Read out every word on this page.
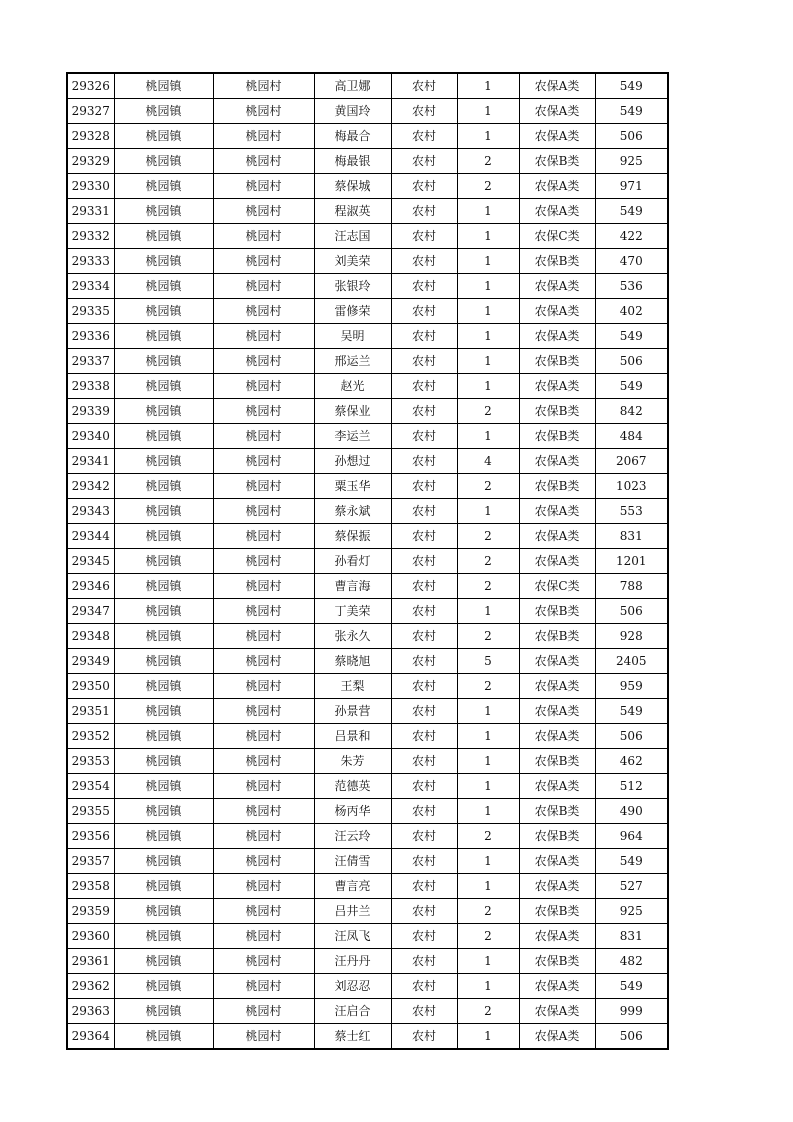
29326	桃园镇	桃园村	高卫娜	农村	1	农保A类	549
29327	桃园镇	桃园村	黄国玲	农村	1	农保A类	549
29328	桃园镇	桃园村	梅最合	农村	1	农保A类	506
29329	桃园镇	桃园村	梅最银	农村	2	农保B类	925
29330	桃园镇	桃园村	蔡保城	农村	2	农保A类	971
29331	桃园镇	桃园村	程淑英	农村	1	农保A类	549
29332	桃园镇	桃园村	汪志国	农村	1	农保C类	422
29333	桃园镇	桃园村	刘美荣	农村	1	农保B类	470
29334	桃园镇	桃园村	张银玲	农村	1	农保A类	536
29335	桃园镇	桃园村	雷修荣	农村	1	农保A类	402
29336	桃园镇	桃园村	吴明	农村	1	农保A类	549
29337	桃园镇	桃园村	邢运兰	农村	1	农保B类	506
29338	桃园镇	桃园村	赵光	农村	1	农保A类	549
29339	桃园镇	桃园村	蔡保业	农村	2	农保B类	842
29340	桃园镇	桃园村	李运兰	农村	1	农保B类	484
29341	桃园镇	桃园村	孙想过	农村	4	农保A类	2067
29342	桃园镇	桃园村	粟玉华	农村	2	农保B类	1023
29343	桃园镇	桃园村	蔡永斌	农村	1	农保A类	553
29344	桃园镇	桃园村	蔡保振	农村	2	农保A类	831
29345	桃园镇	桃园村	孙看灯	农村	2	农保A类	1201
29346	桃园镇	桃园村	曹言海	农村	2	农保C类	788
29347	桃园镇	桃园村	丁美荣	农村	1	农保B类	506
29348	桃园镇	桃园村	张永久	农村	2	农保B类	928
29349	桃园镇	桃园村	蔡晓旭	农村	5	农保A类	2405
29350	桃园镇	桃园村	王梨	农村	2	农保A类	959
29351	桃园镇	桃园村	孙景营	农村	1	农保A类	549
29352	桃园镇	桃园村	吕景和	农村	1	农保A类	506
29353	桃园镇	桃园村	朱芳	农村	1	农保B类	462
29354	桃园镇	桃园村	范德英	农村	1	农保A类	512
29355	桃园镇	桃园村	杨丙华	农村	1	农保B类	490
29356	桃园镇	桃园村	汪云玲	农村	2	农保B类	964
29357	桃园镇	桃园村	汪倩雪	农村	1	农保A类	549
29358	桃园镇	桃园村	曹言亮	农村	1	农保A类	527
29359	桃园镇	桃园村	吕井兰	农村	2	农保B类	925
29360	桃园镇	桃园村	汪凤飞	农村	2	农保A类	831
29361	桃园镇	桃园村	汪丹丹	农村	1	农保B类	482
29362	桃园镇	桃园村	刘忍忍	农村	1	农保A类	549
29363	桃园镇	桃园村	汪启合	农村	2	农保A类	999
29364	桃园镇	桃园村	蔡士红	农村	1	农保A类	506
